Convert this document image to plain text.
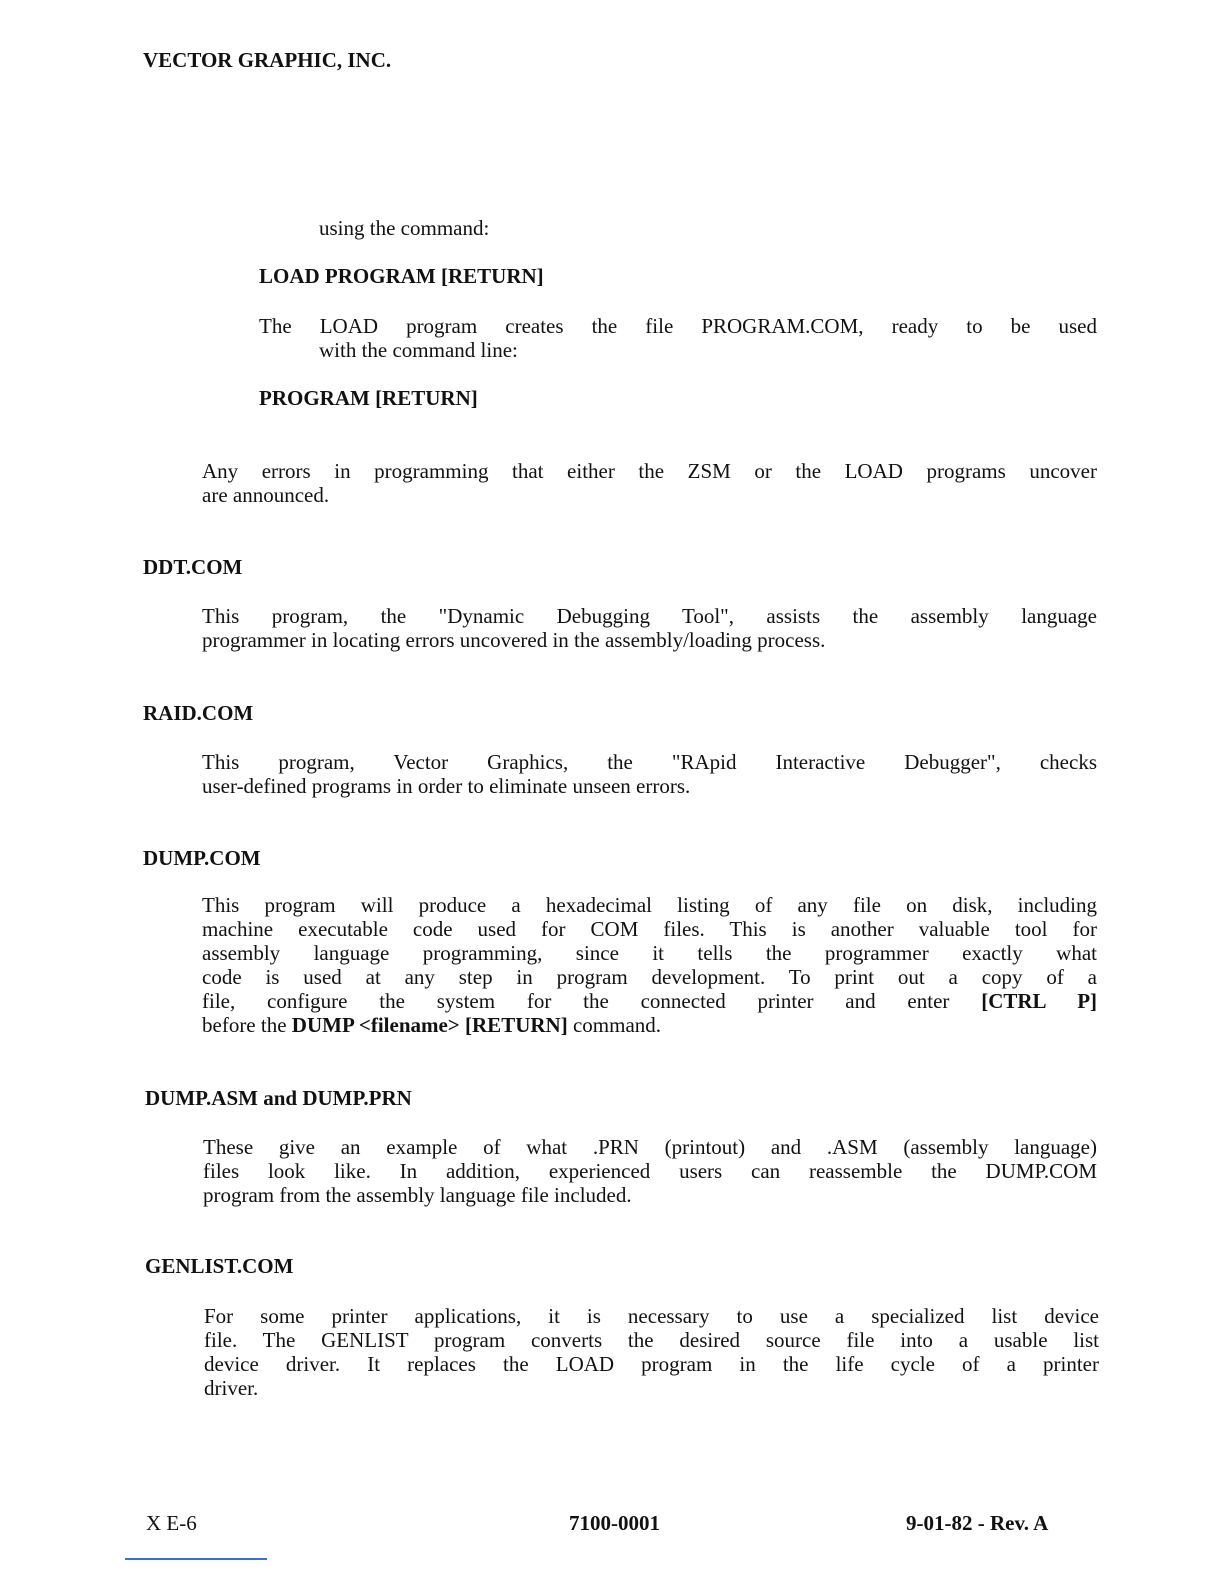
VECTOR GRAPHIC, INC.
using the command:
LOAD PROGRAM [RETURN]
The LOAD program creates the file PROGRAM.COM, ready to be used
with the command line:
PROGRAM [RETURN]
Any errors in programming that either the ZSM or the LOAD programs uncover
are announced.
DDT.COM
This program, the "Dynamic Debugging Tool", assists the assembly language
programmer in locating errors uncovered in the assembly/loading process.
RAID.COM
This program, Vector Graphics, the "RApid Interactive Debugger", checks
user-defined programs in order to eliminate unseen errors.
DUMP.COM
This program will produce a hexadecimal listing of any file on disk, including
machine executable code used for COM files. This is another valuable tool for
assembly language programming, since it tells the programmer exactly what
code is used at any step in program development. To print out a copy of a
file, configure the system for the connected printer and enter [CTRL P]
before the DUMP <filename> [RETURN] command.
DUMP.ASM and DUMP.PRN
These give an example of what .PRN (printout) and .ASM (assembly language)
files look like. In addition, experienced users can reassemble the DUMP.COM
program from the assembly language file included.
GENLIST.COM
For some printer applications, it is necessary to use a specialized list device
file. The GENLIST program converts the desired source file into a usable list
device driver. It replaces the LOAD program in the life cycle of a printer
driver.
X E-6	7100-0001	9-01-82 - Rev. A
